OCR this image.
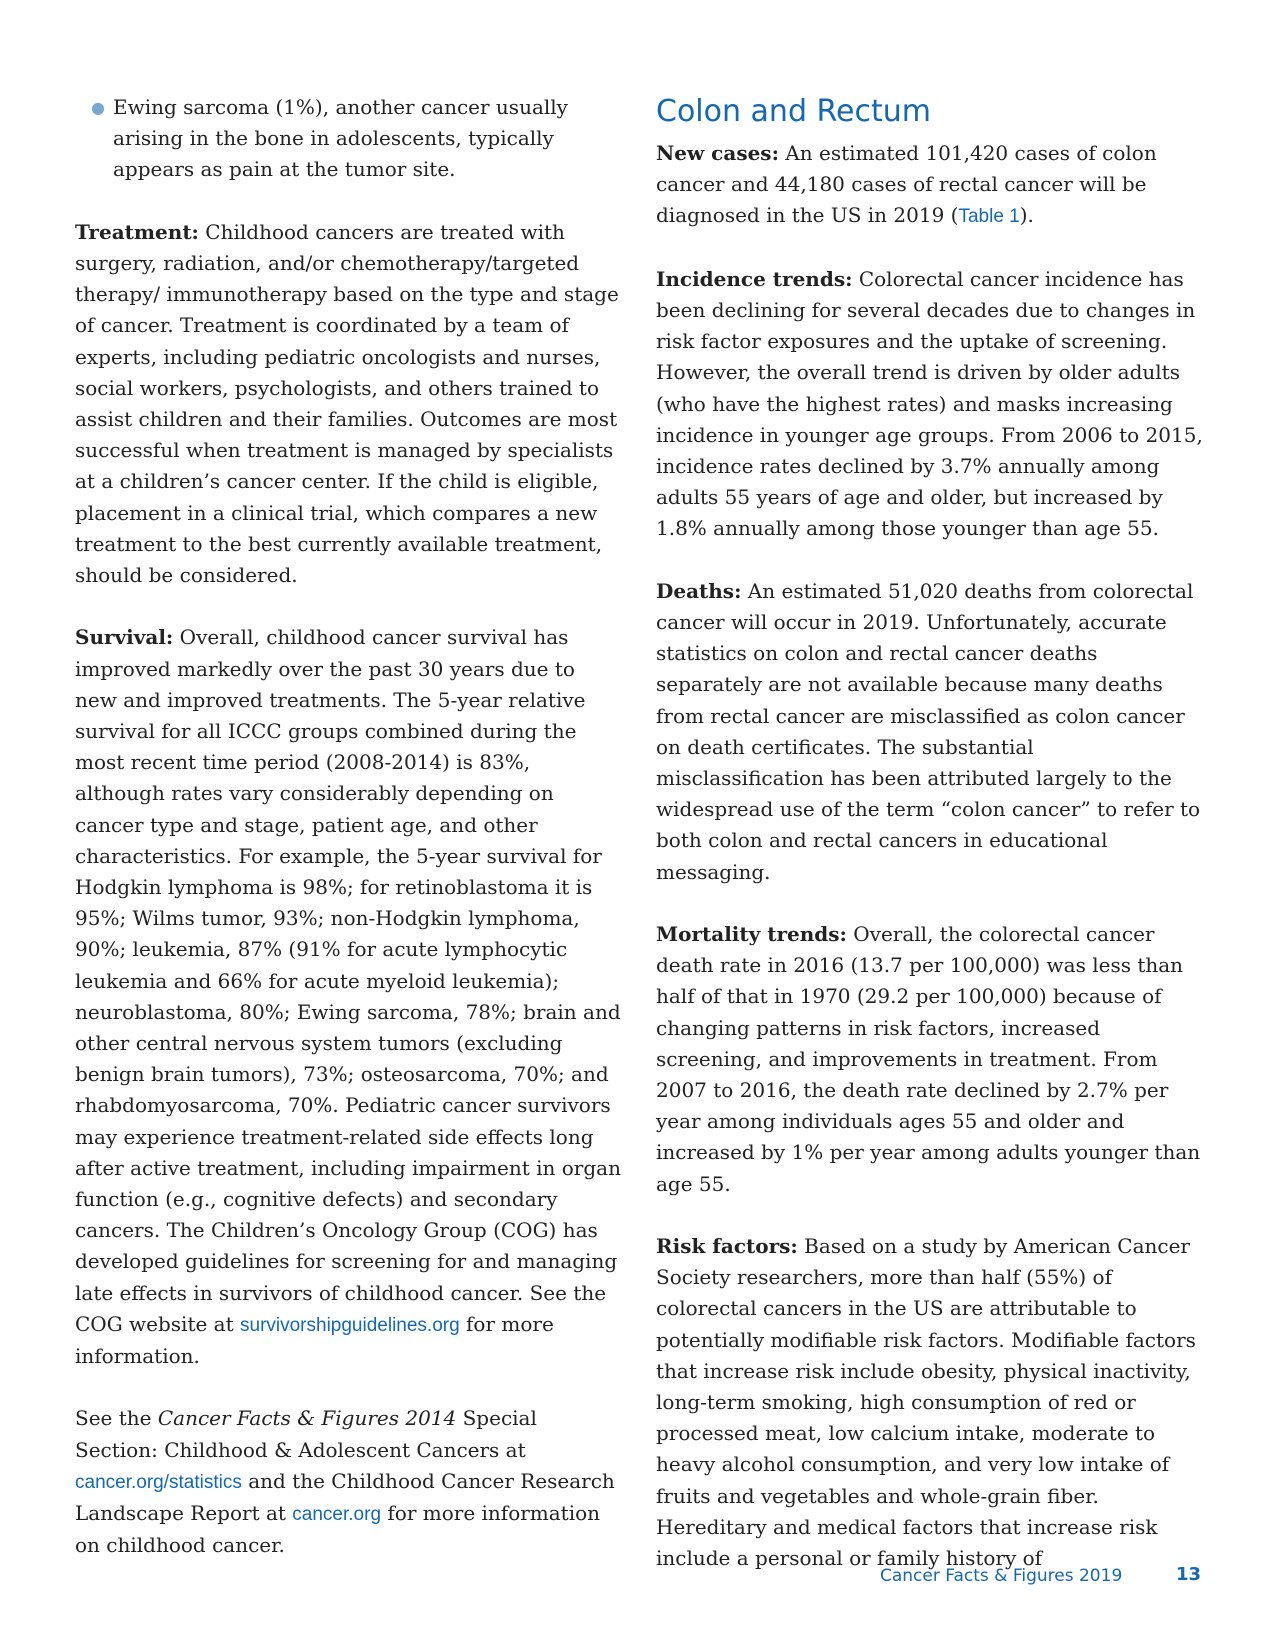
● Ewing sarcoma (1%), another cancer usually arising in the bone in adolescents, typically appears as pain at the tumor site.

Treatment: Childhood cancers are treated with surgery, radiation, and/or chemotherapy/targeted therapy/ immunotherapy based on the type and stage of cancer. Treatment is coordinated by a team of experts, including pediatric oncologists and nurses, social workers, psychologists, and others trained to assist children and their families. Outcomes are most successful when treatment is managed by specialists at a children’s cancer center. If the child is eligible, placement in a clinical trial, which compares a new treatment to the best currently available treatment, should be considered.

Survival: Overall, childhood cancer survival has improved markedly over the past 30 years due to new and improved treatments. The 5-year relative survival for all ICCC groups combined during the most recent time period (2008-2014) is 83%, although rates vary considerably depending on cancer type and stage, patient age, and other characteristics. For example, the 5-year survival for Hodgkin lymphoma is 98%; for retinoblastoma it is 95%; Wilms tumor, 93%; non-Hodgkin lymphoma, 90%; leukemia, 87% (91% for acute lymphocytic leukemia and 66% for acute myeloid leukemia); neuroblastoma, 80%; Ewing sarcoma, 78%; brain and other central nervous system tumors (excluding benign brain tumors), 73%; osteosarcoma, 70%; and rhabdomyosarcoma, 70%. Pediatric cancer survivors may experience treatment-related side effects long after active treatment, including impairment in organ function (e.g., cognitive defects) and secondary cancers. The Children’s Oncology Group (COG) has developed guidelines for screening for and managing late effects in survivors of childhood cancer. See the COG website at survivorshipguidelines.org for more information.

See the Cancer Facts & Figures 2014 Special Section: Childhood & Adolescent Cancers at cancer.org/statistics and the Childhood Cancer Research Landscape Report at cancer.org for more information on childhood cancer.

Colon and Rectum

New cases: An estimated 101,420 cases of colon cancer and 44,180 cases of rectal cancer will be diagnosed in the US in 2019 (Table 1).

Incidence trends: Colorectal cancer incidence has been declining for several decades due to changes in risk factor exposures and the uptake of screening. However, the overall trend is driven by older adults (who have the highest rates) and masks increasing incidence in younger age groups. From 2006 to 2015, incidence rates declined by 3.7% annually among adults 55 years of age and older, but increased by 1.8% annually among those younger than age 55.

Deaths: An estimated 51,020 deaths from colorectal cancer will occur in 2019. Unfortunately, accurate statistics on colon and rectal cancer deaths separately are not available because many deaths from rectal cancer are misclassified as colon cancer on death certificates. The substantial misclassification has been attributed largely to the widespread use of the term “colon cancer” to refer to both colon and rectal cancers in educational messaging.

Mortality trends: Overall, the colorectal cancer death rate in 2016 (13.7 per 100,000) was less than half of that in 1970 (29.2 per 100,000) because of changing patterns in risk factors, increased screening, and improvements in treatment. From 2007 to 2016, the death rate declined by 2.7% per year among individuals ages 55 and older and increased by 1% per year among adults younger than age 55.

Risk factors: Based on a study by American Cancer Society researchers, more than half (55%) of colorectal cancers in the US are attributable to potentially modifiable risk factors. Modifiable factors that increase risk include obesity, physical inactivity, long-term smoking, high consumption of red or processed meat, low calcium intake, moderate to heavy alcohol consumption, and very low intake of fruits and vegetables and whole-grain fiber. Hereditary and medical factors that increase risk include a personal or family history of

Cancer Facts & Figures 2019	13
